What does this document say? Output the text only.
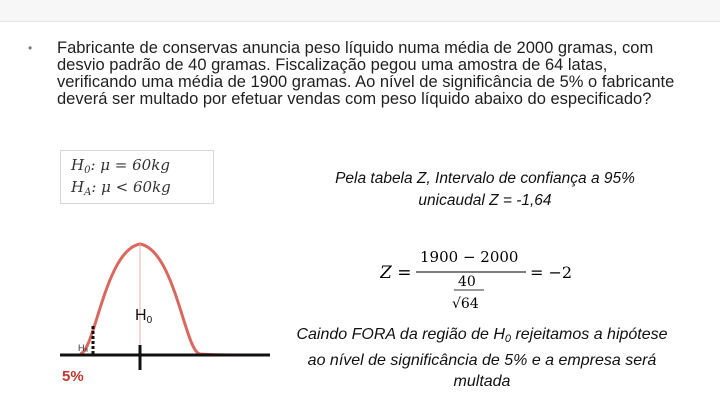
• Fabricante de conservas anuncia peso líquido numa média de 2000 gramas, com desvio padrão de 40 gramas. Fiscalização pegou uma amostra de 64 latas, verificando uma média de 1900 gramas. Ao nível de significância de 5% o fabricante deverá ser multado por efetuar vendas com peso líquido abaixo do especificado?
$H_0$: μ = 60kg
$H_A$: μ < 60kg	Pela tabela Z, Intervalo de confiança a 95%
unicaudal Z = -1,64
Z =
1900 − 2000
40
√64
= −2
H0
Hₐ
5%
Caindo FORA da região de H0 rejeitamos a hipótese
ao nível de significância de 5% e a empresa será
multada
